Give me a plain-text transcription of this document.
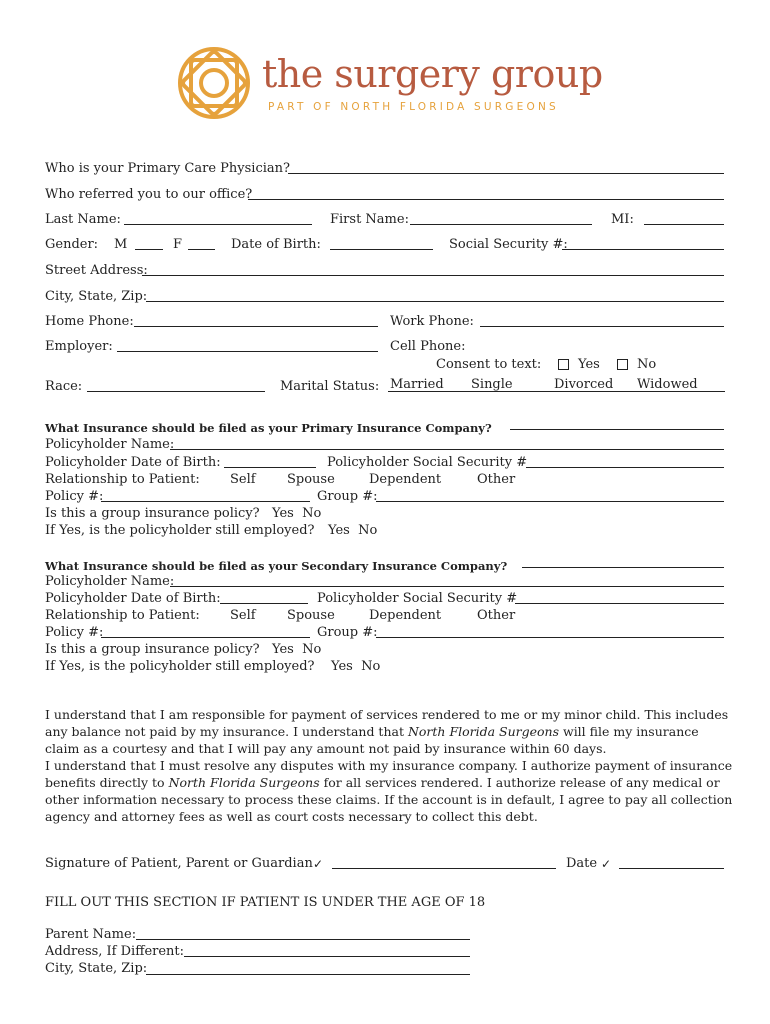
the surgery group
PART OF NORTH FLORIDA SURGEONS
Who is your Primary Care Physician?
Who referred you to our office?
Last Name:	First Name:	MI:
Gender: M	F	Date of Birth:	Social Security #:
Street Address:
City, State, Zip:
Home Phone:	Work Phone:
Employer:	Cell Phone:
Consent to text:	Yes	No
Race:	Marital Status: Married Single	Divorced Widowed
What Insurance should be filed as your Primary Insurance Company?
Policyholder Name:
Policyholder Date of Birth:	Policyholder Social Security #
Relationship to Patient: Self Spouse	Dependent	Other
Policy #:	Group #:
Is this a group insurance policy? Yes  No
If Yes, is the policyholder still employed? Yes  No
What Insurance should be filed as your Secondary Insurance Company?
Policyholder Name:
Policyholder Date of Birth:	Policyholder Social Security #
Relationship to Patient: Self Spouse	Dependent	Other
Policy #:	Group #:
Is this a group insurance policy? Yes  No
If Yes, is the policyholder still employed? Yes  No

I understand that I am responsible for payment of services rendered to me or my minor child. This includes any balance not paid by my insurance. I understand that North Florida Surgeons will file my insurance claim as a courtesy and that I will pay any amount not paid by insurance within 60 days.

I understand that I must resolve any disputes with my insurance company. I authorize payment of insurance benefits directly to North Florida Surgeons for all services rendered. I authorize release of any medical or other information necessary to process these claims. If the account is in default, I agree to pay all collection agency and attorney fees as well as court costs necessary to collect this debt.

Signature of Patient, Parent or Guardian ✓	Date ✓
FILL OUT THIS SECTION IF PATIENT IS UNDER THE AGE OF 18
Parent Name:
Address, If Different:
City, State, Zip:
